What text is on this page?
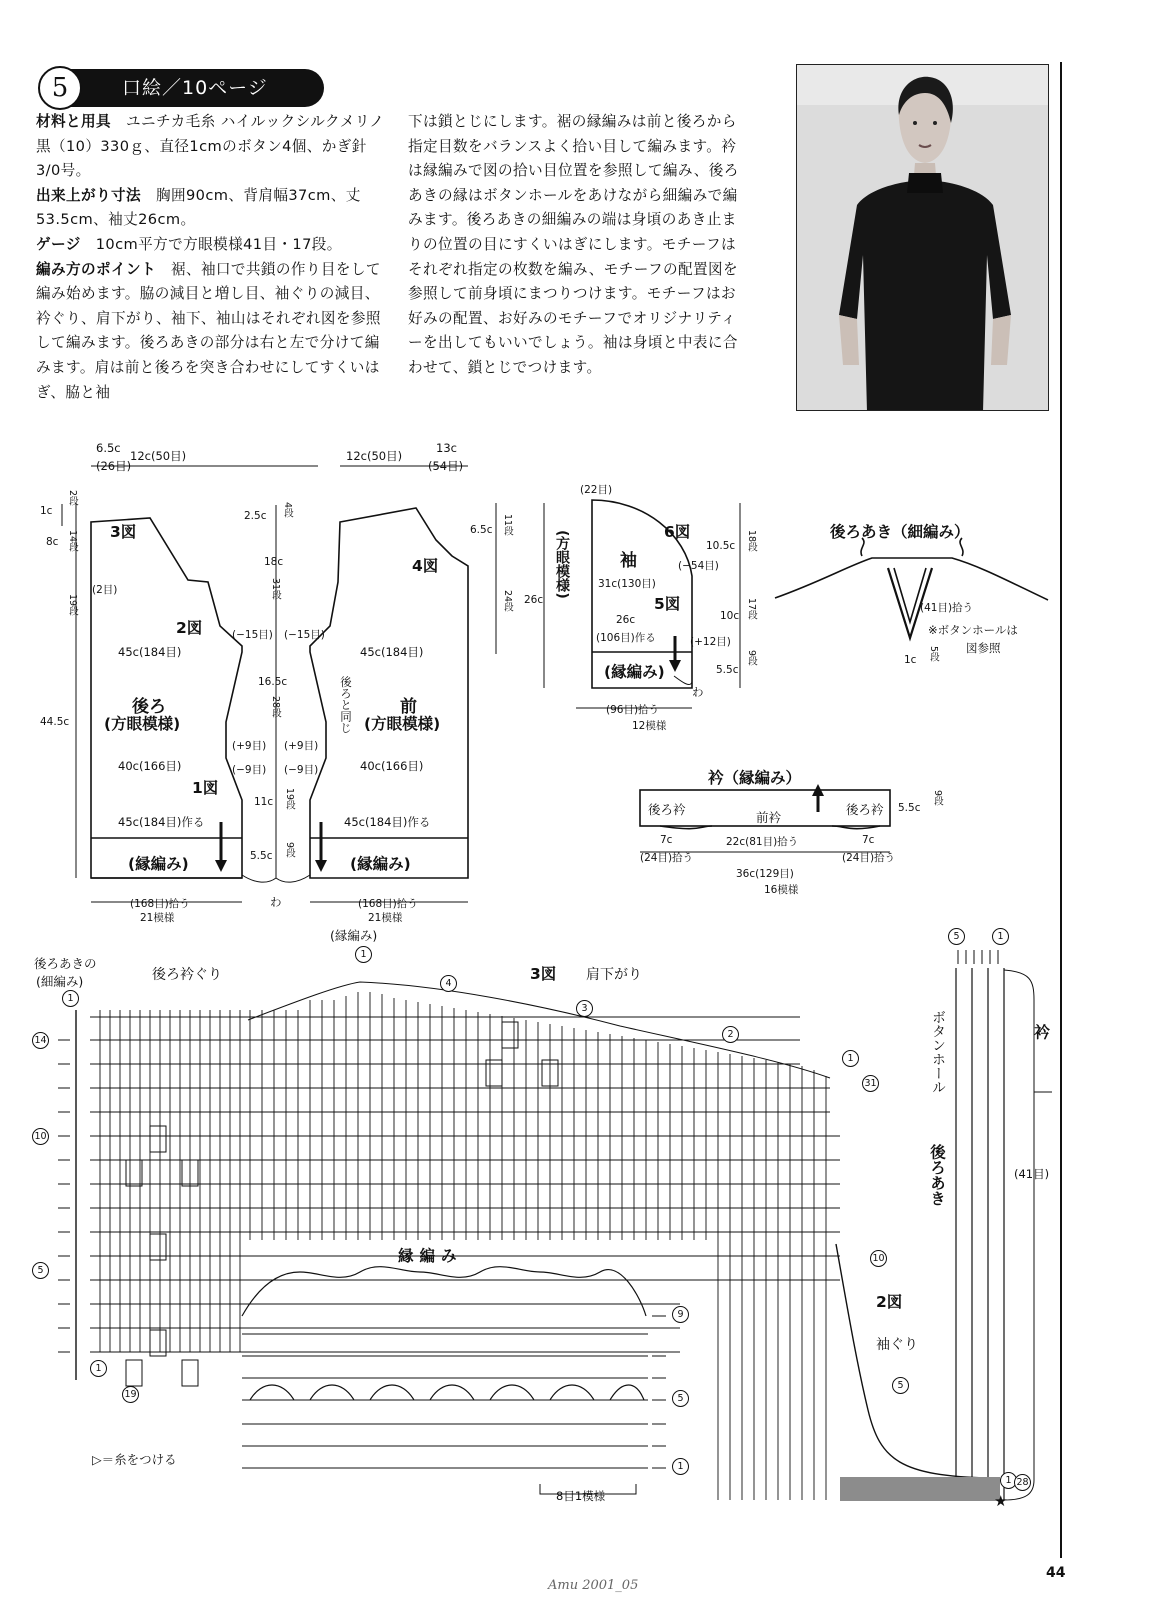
5	口絵／10ページ

材料と用具　 ユニチカ毛糸 ハイルックシルクメリノ 黒（10）330ｇ、直径1cmのボタン4個、かぎ針3/0号。

出来上がり寸法　 胸囲90cm、背肩幅37cm、丈53.5cm、袖丈26cm。

ゲージ　 10cm平方で方眼模様41目・17段。

編み方のポイント　 裾、袖口で共鎖の作り目をして編み始めます。脇の減目と増し目、袖ぐりの減目、衿ぐり、肩下がり、袖下、袖山はそれぞれ図を参照して編みます。後ろあきの部分は右と左で分けて編みます。肩は前と後ろを突き合わせにしてすくいはぎ、脇と袖

下は鎖とじにします。裾の縁編みは前と後ろから指定目数をバランスよく拾い目して編みます。衿は縁編みで図の拾い目位置を参照して編み、後ろあきの縁はボタンホールをあけながら細編みで編みます。後ろあきの細編みの端は身頃のあき止まりの位置の目にすくいはぎにします。モチーフはそれぞれ指定の枚数を編み、モチーフの配置図を参照して前身頃にまつりつけます。モチーフはお好みの配置、お好みのモチーフでオリジナリティーを出してもいいでしょう。袖は身頃と中表に合わせて、鎖とじでつけます。

6.5c
(26目)
12c(50目)	12c(50目)
13c
(54目)
1c
2段
8c 14段
(2目)
19段
44.5c
3図
2図
1図
4図
45c(184目)
40c(166目)
45c(184目)作る
45c(184目)
40c(166目)
45c(184目)作る
後ろ
(方眼模様)
(縁編み)
前
(方眼模様)
(縁編み)
2.5c 4段
18c
31段
(−15目) (−15目)
16.5c
28段
(+9目) (+9目)
(−9目) (−9目)
11c 19段
5.5c 9段
後ろと同じ
わ
(168目)拾う
21模様
(168目)拾う
21模様
(縁編み)
6.5c 11段
24段
(22目)
6図
袖
(方眼模様)
26c
31c(130目)
10.5c 18段
(−54目)
5図
10c 17段
26c
(106目)作る	(+12目)
(縁編み)	5.5c
9段
わ
(96目)拾う
12模様
後ろあき（細編み）
(41目)拾う
※ボタンホールは
図参照
1c 5段
衿（縁編み）
後ろ衿
前衿
後ろ衿 5.5c
9段
7c	22c(81目)拾う	7c
(24目)拾う	(24目)拾う
36c(129目)
16模様
後ろあきの
(細編み)	後ろ衿ぐり	3図 肩下がり
縁編み
2図
袖ぐり
ボタンホール
後ろあき
衿
(41目)
8目1模様
▷＝糸をつける
★
1
4
3
2
1
31
1
14
10
5
1
19
10
5
1 28
5	1
9
5
1
Amu 2001_05
44
